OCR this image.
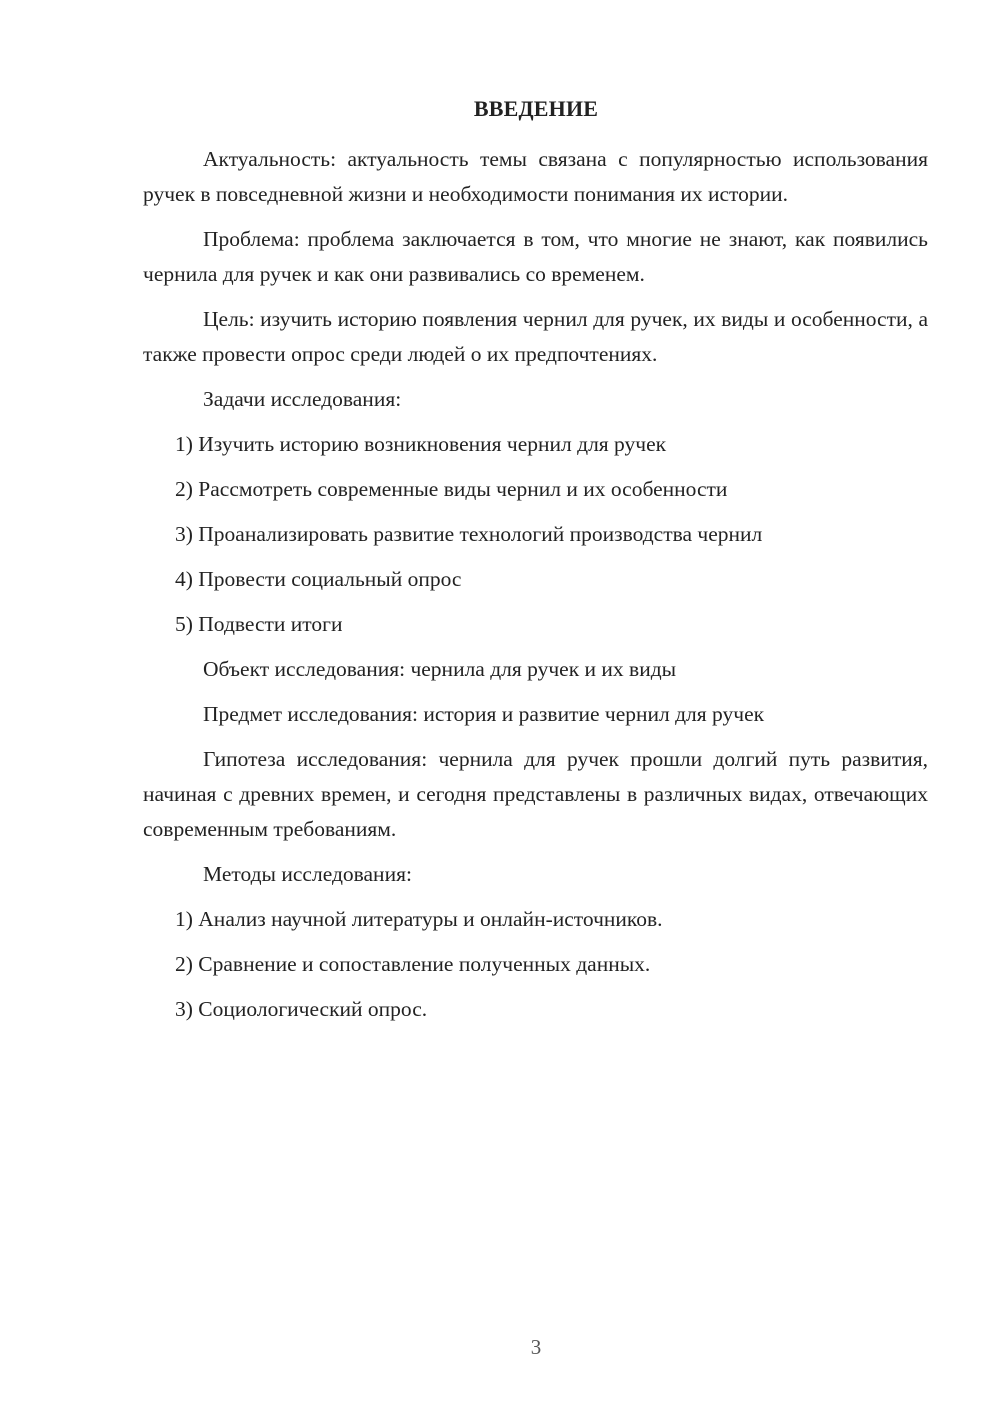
ВВЕДЕНИЕ

Актуальность: актуальность темы связана с популярностью использования ручек в повседневной жизни и необходимости понимания их истории.

Проблема: проблема заключается в том, что многие не знают, как появились чернила для ручек и как они развивались со временем.

Цель: изучить историю появления чернил для ручек, их виды и особенности, а также провести опрос среди людей о их предпочтениях.

Задачи исследования:

1) Изучить историю возникновения чернил для ручек

2) Рассмотреть современные виды чернил и их особенности

3) Проанализировать развитие технологий производства чернил

4) Провести социальный опрос

5) Подвести итоги

Объект исследования: чернила для ручек и их виды

Предмет исследования: история и развитие чернил для ручек

Гипотеза исследования: чернила для ручек прошли долгий путь развития, начиная с древних времен, и сегодня представлены в различных видах, отвечающих современным требованиям.

Методы исследования:

1) Анализ научной литературы и онлайн-источников.

2) Сравнение и сопоставление полученных данных.

3) Социологический опрос.

3
